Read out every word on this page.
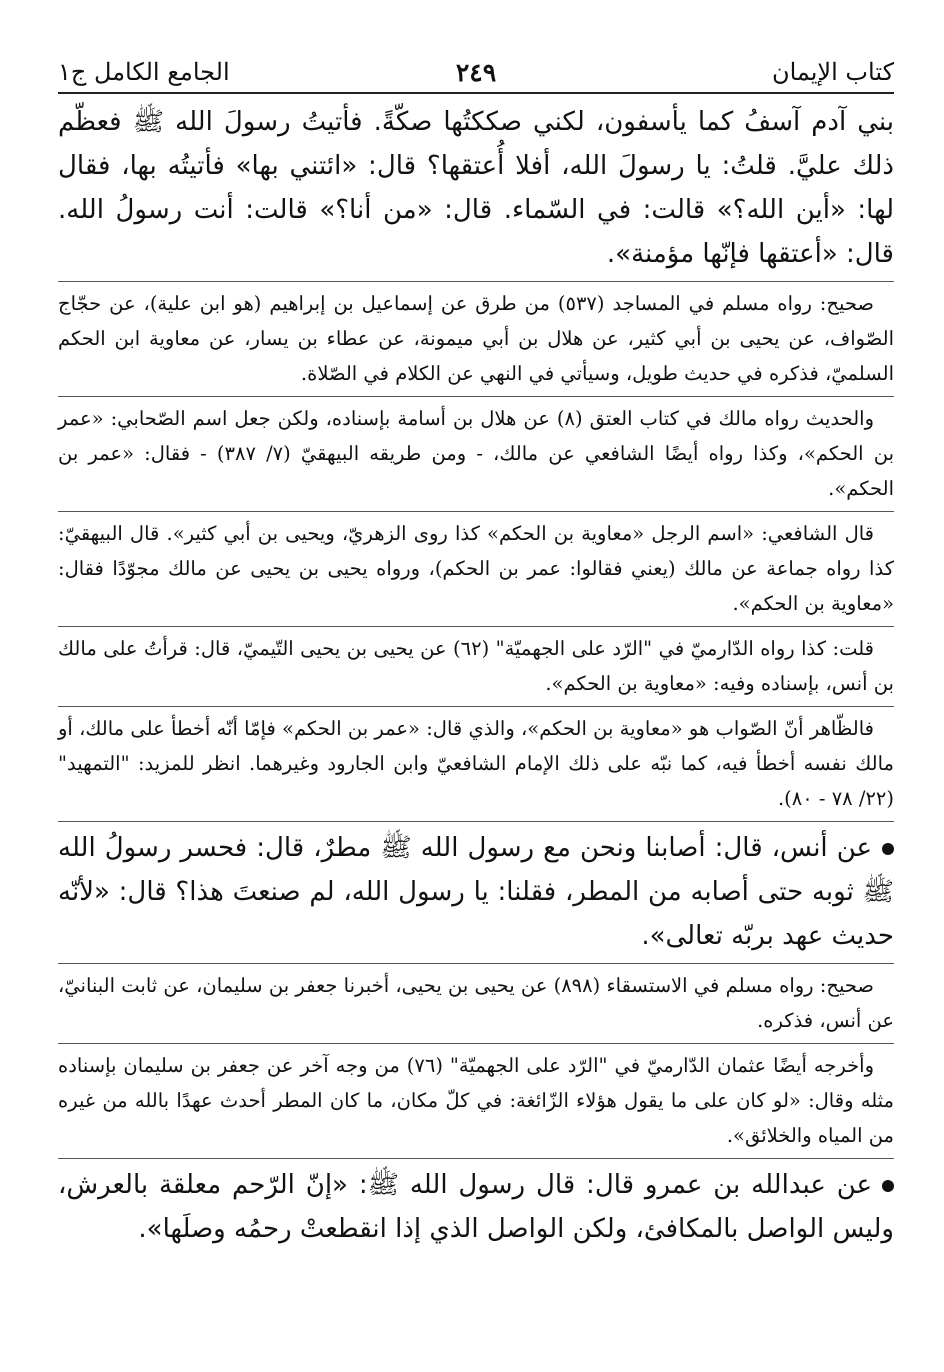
كتاب الإيمان
٢٤٩
الجامع الكامل ج١

بني آدم آسفُ كما يأسفون، لكني صككتُها صكّةً. فأتيتُ رسولَ الله ﷺ فعظّم ذلك عليَّ. قلتُ: يا رسولَ الله، أفلا أُعتقها؟ قال: «ائتني بها» فأتيتُه بها، فقال لها: «أين الله؟» قالت: في السّماء. قال: «من أنا؟» قالت: أنت رسولُ الله. قال: «أعتقها فإنّها مؤمنة».

صحيح: رواه مسلم في المساجد (٥٣٧) من طرق عن إسماعيل بن إبراهيم (هو ابن علية)، عن حجّاج الصّواف، عن يحيى بن أبي كثير، عن هلال بن أبي ميمونة، عن عطاء بن يسار، عن معاوية ابن الحكم السلميّ، فذكره في حديث طويل، وسيأتي في النهي عن الكلام في الصّلاة.

والحديث رواه مالك في كتاب العتق (٨) عن هلال بن أسامة بإسناده، ولكن جعل اسم الصّحابي: «عمر بن الحكم»، وكذا رواه أيضًا الشافعي عن مالك، - ومن طريقه البيهقيّ (٧/ ٣٨٧) - فقال: «عمر بن الحكم».

قال الشافعي: «اسم الرجل «معاوية بن الحكم» كذا روى الزهريّ، ويحيى بن أبي كثير». قال البيهقيّ: كذا رواه جماعة عن مالك (يعني فقالوا: عمر بن الحكم)، ورواه يحيى بن يحيى عن مالك مجوّدًا فقال: «معاوية بن الحكم».

قلت: كذا رواه الدّارميّ في "الرّد على الجهميّة" (٦٢) عن يحيى بن يحيى التّيميّ، قال: قرأتُ على مالك بن أنس، بإسناده وفيه: «معاوية بن الحكم».

فالظّاهر أنّ الصّواب هو «معاوية بن الحكم»، والذي قال: «عمر بن الحكم» فإمّا أنّه أخطأ على مالك، أو مالك نفسه أخطأ فيه، كما نبّه على ذلك الإمام الشافعيّ وابن الجارود وغيرهما. انظر للمزيد: "التمهيد" (٢٢/ ٧٨ - ٨٠).

عن أنس، قال: أصابنا ونحن مع رسول الله ﷺ مطرٌ، قال: فحسر رسولُ الله ﷺ ثوبه حتى أصابه من المطر، فقلنا: يا رسول الله، لم صنعتَ هذا؟ قال: «لأنّه حديث عهد بربّه تعالى».

صحيح: رواه مسلم في الاستسقاء (٨٩٨) عن يحيى بن يحيى، أخبرنا جعفر بن سليمان، عن ثابت البنانيّ، عن أنس، فذكره.

وأخرجه أيضًا عثمان الدّارميّ في "الرّد على الجهميّة" (٧٦) من وجه آخر عن جعفر بن سليمان بإسناده مثله وقال: «لو كان على ما يقول هؤلاء الزّائغة: في كلّ مكان، ما كان المطر أحدث عهدًا بالله من غيره من المياه والخلائق».

عن عبدالله بن عمرو قال: قال رسول الله ﷺ: «إنّ الرّحم معلقة بالعرش، وليس الواصل بالمكافئ، ولكن الواصل الذي إذا انقطعتْ رحمُه وصلَها».
